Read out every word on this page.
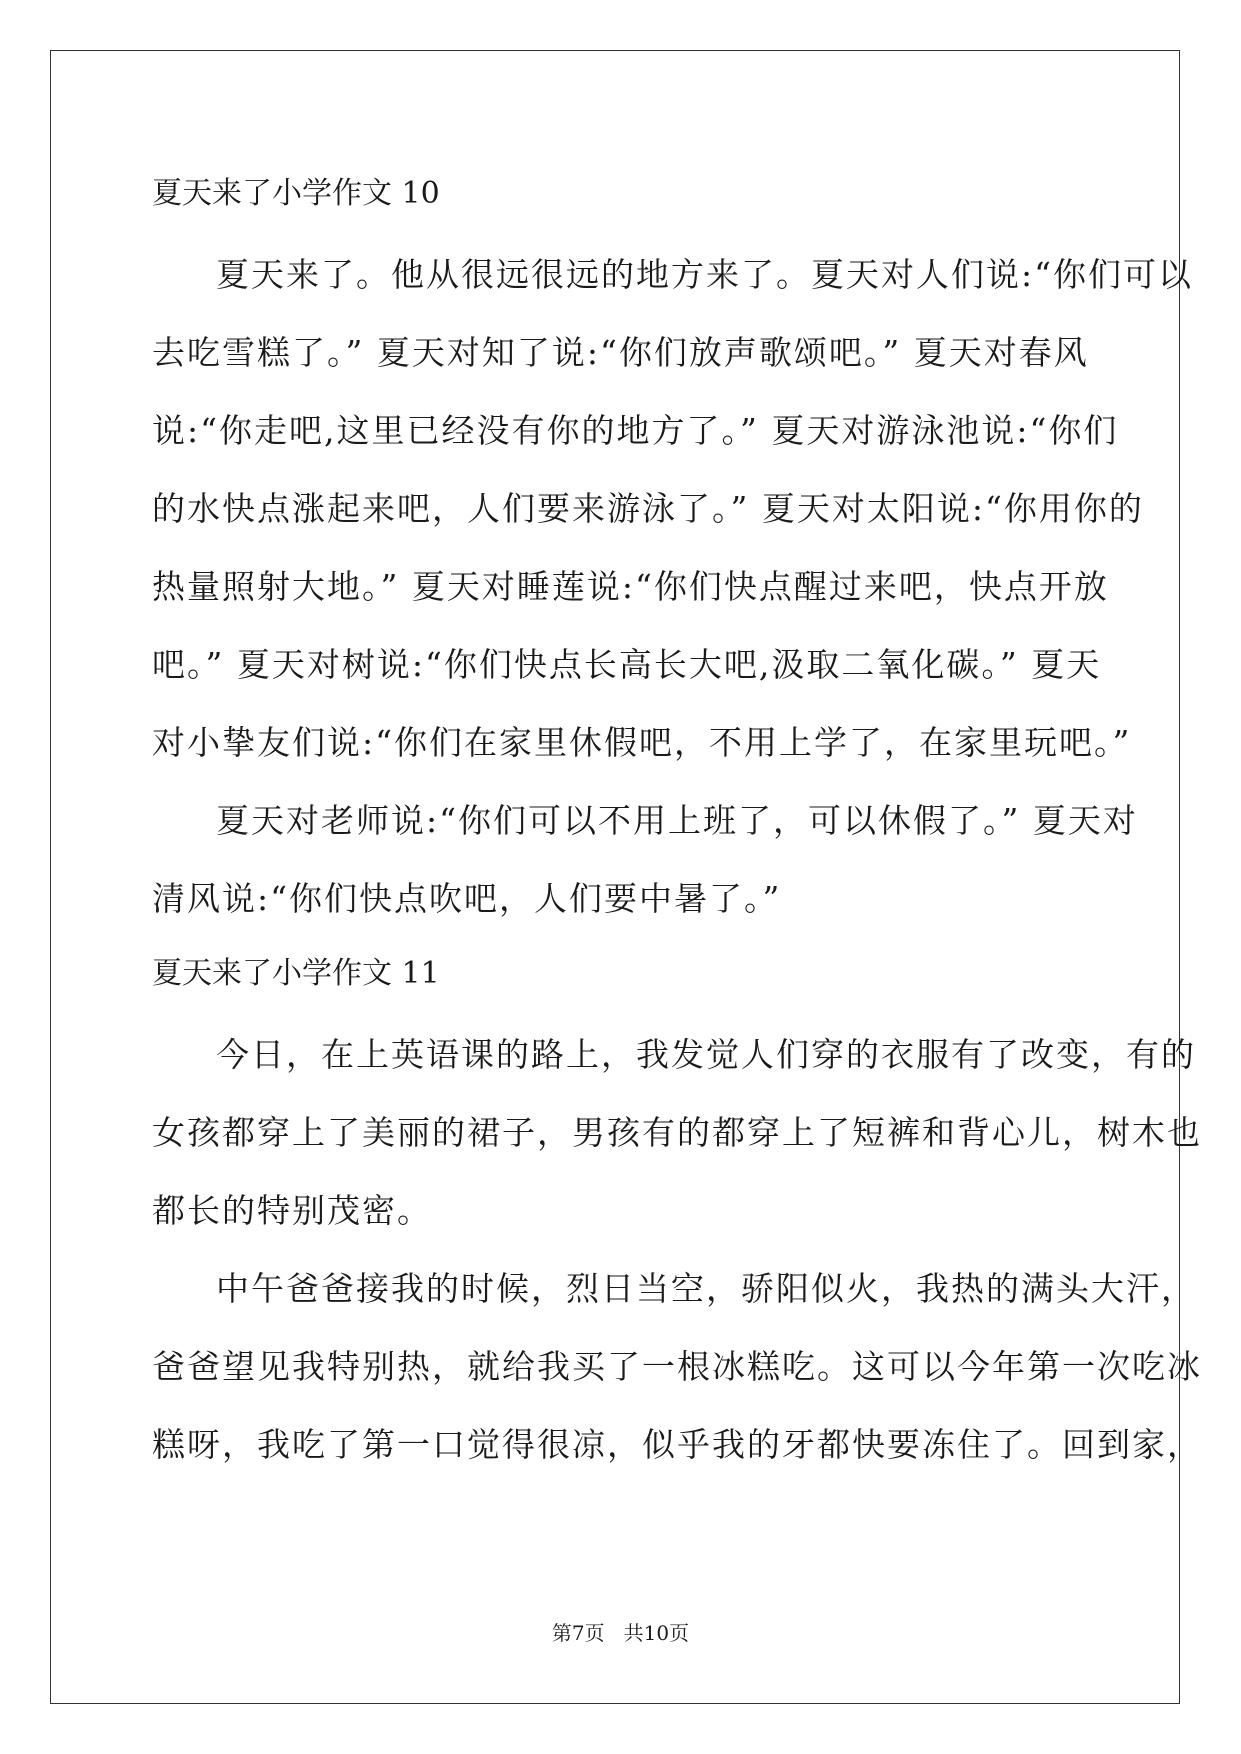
夏天来了小学作文 10

夏天来了。他从很远很远的地方来了。夏天对人们说:“你们可以
去吃雪糕了。” 夏天对知了说:“你们放声歌颂吧。” 夏天对春风
说:“你走吧,这里已经没有你的地方了。” 夏天对游泳池说:“你们
的水快点涨起来吧，人们要来游泳了。” 夏天对太阳说:“你用你的
热量照射大地。” 夏天对睡莲说:“你们快点醒过来吧，快点开放
吧。” 夏天对树说:“你们快点长高长大吧,汲取二氧化碳。” 夏天
对小挚友们说:“你们在家里休假吧，不用上学了，在家里玩吧。”

夏天对老师说:“你们可以不用上班了，可以休假了。” 夏天对
清风说:“你们快点吹吧，人们要中暑了。”

夏天来了小学作文 11

今日，在上英语课的路上，我发觉人们穿的衣服有了改变，有的
女孩都穿上了美丽的裙子，男孩有的都穿上了短裤和背心儿，树木也
都长的特别茂密。

中午爸爸接我的时候，烈日当空，骄阳似火，我热的满头大汗，
爸爸望见我特别热，就给我买了一根冰糕吃。这可以今年第一次吃冰
糕呀，我吃了第一口觉得很凉，似乎我的牙都快要冻住了。回到家，

第7页   共10页
